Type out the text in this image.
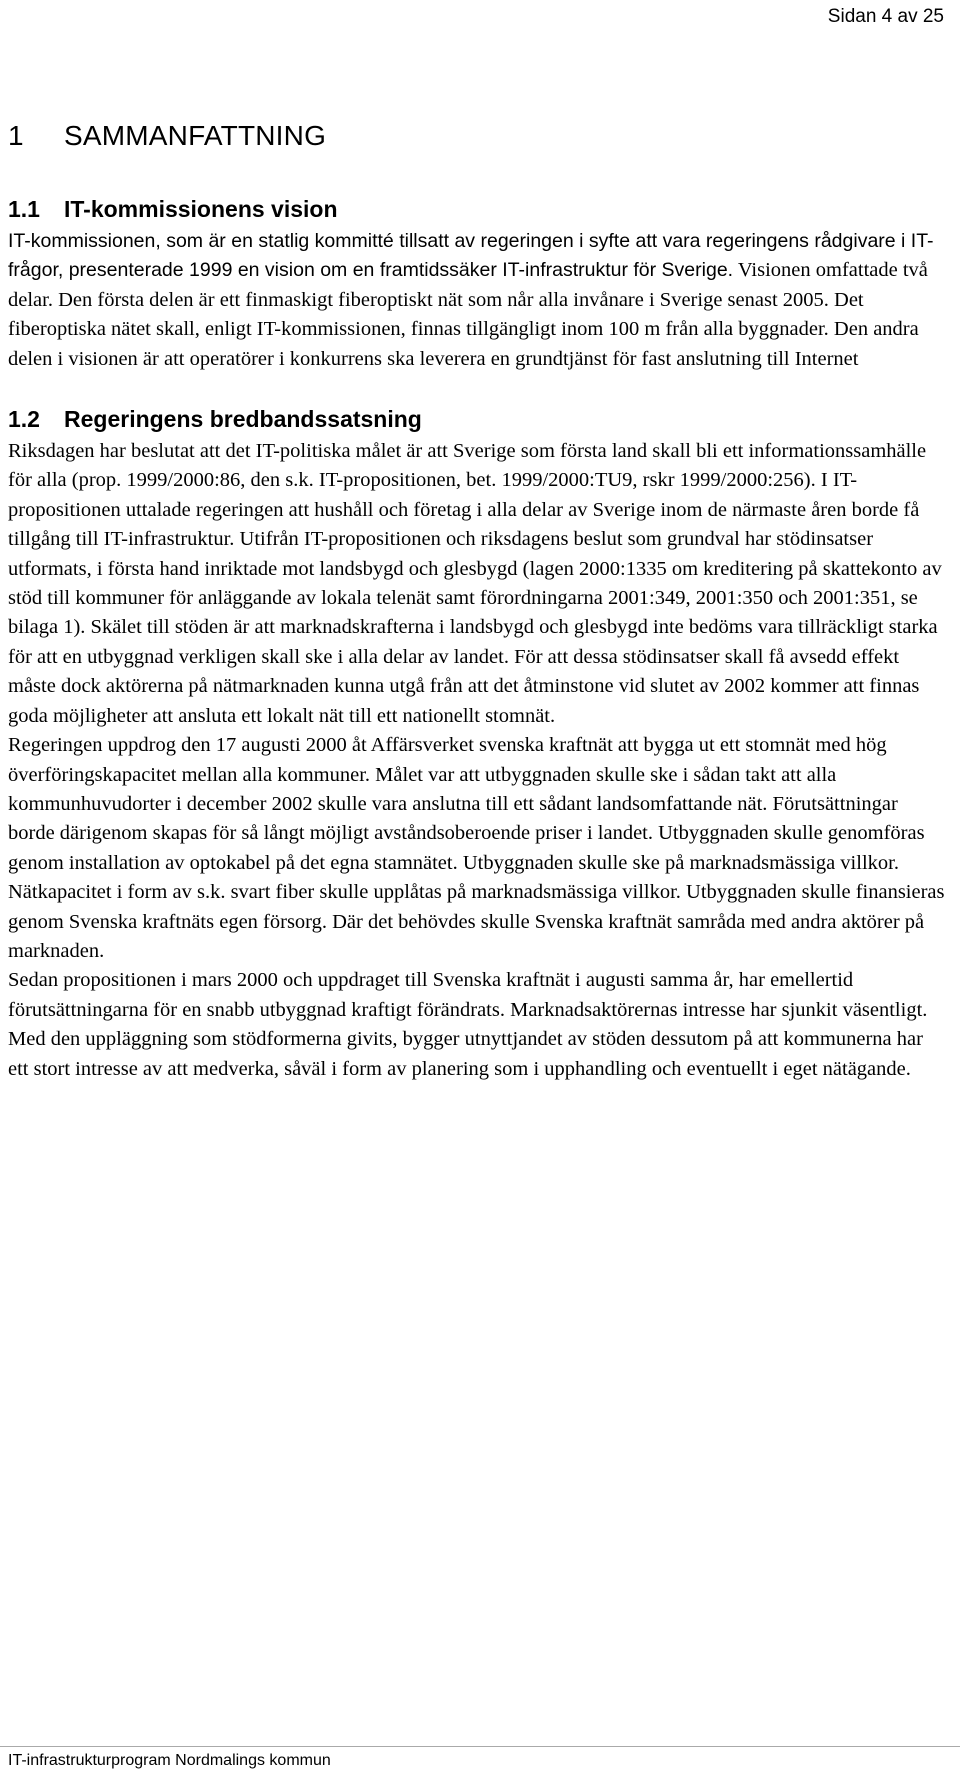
Sidan 4 av 25
1 SAMMANFATTNING
1.1 IT-kommissionens vision

IT-kommissionen, som är en statlig kommitté tillsatt av regeringen i syfte att vara regeringens rådgivare i IT-frågor, presenterade 1999 en vision om en framtidssäker IT-infrastruktur för Sverige. Visionen omfattade två delar. Den första delen är ett finmaskigt fiberoptiskt nät som når alla invånare i Sverige senast 2005. Det fiberoptiska nätet skall, enligt IT-kommissionen, finnas tillgängligt inom 100 m från alla byggnader. Den andra delen i visionen är att operatörer i konkurrens ska leverera en grundtjänst för fast anslutning till Internet

1.2 Regeringens bredbandssatsning

Riksdagen har beslutat att det IT-politiska målet är att Sverige som första land skall bli ett informationssamhälle för alla (prop. 1999/2000:86, den s.k. IT-propositionen, bet. 1999/2000:TU9, rskr 1999/2000:256). I IT-propositionen uttalade regeringen att hushåll och företag i alla delar av Sverige inom de närmaste åren borde få tillgång till IT-infrastruktur. Utifrån IT-propositionen och riksdagens beslut som grundval har stödinsatser utformats, i första hand inriktade mot landsbygd och glesbygd (lagen 2000:1335 om kreditering på skattekonto av stöd till kommuner för anläggande av lokala telenät samt förordningarna 2001:349, 2001:350 och 2001:351, se bilaga 1). Skälet till stöden är att marknadskrafterna i landsbygd och glesbygd inte bedöms vara tillräckligt starka för att en utbyggnad verkligen skall ske i alla delar av landet. För att dessa stödinsatser skall få avsedd effekt måste dock aktörerna på nätmarknaden kunna utgå från att det åtminstone vid slutet av 2002 kommer att finnas goda möjligheter att ansluta ett lokalt nät till ett nationellt stomnät.

Regeringen uppdrog den 17 augusti 2000 åt Affärsverket svenska kraftnät att bygga ut ett stomnät med hög överföringskapacitet mellan alla kommuner. Målet var att utbyggnaden skulle ske i sådan takt att alla kommunhuvudorter i december 2002 skulle vara anslutna till ett sådant landsomfattande nät. Förutsättningar borde därigenom skapas för så långt möjligt avståndsoberoende priser i landet. Utbyggnaden skulle genomföras genom installation av optokabel på det egna stamnätet. Utbyggnaden skulle ske på marknadsmässiga villkor. Nätkapacitet i form av s.k. svart fiber skulle upplåtas på marknadsmässiga villkor. Utbyggnaden skulle finansieras genom Svenska kraftnäts egen försorg. Där det behövdes skulle Svenska kraftnät samråda med andra aktörer på marknaden.

Sedan propositionen i mars 2000 och uppdraget till Svenska kraftnät i augusti samma år, har emellertid förutsättningarna för en snabb utbyggnad kraftigt förändrats. Marknadsaktörernas intresse har sjunkit väsentligt. Med den uppläggning som stödformerna givits, bygger utnyttjandet av stöden dessutom på att kommunerna har ett stort intresse av att medverka, såväl i form av planering som i upphandling och eventuellt i eget nätägande.

IT-infrastrukturprogram Nordmalings kommun
